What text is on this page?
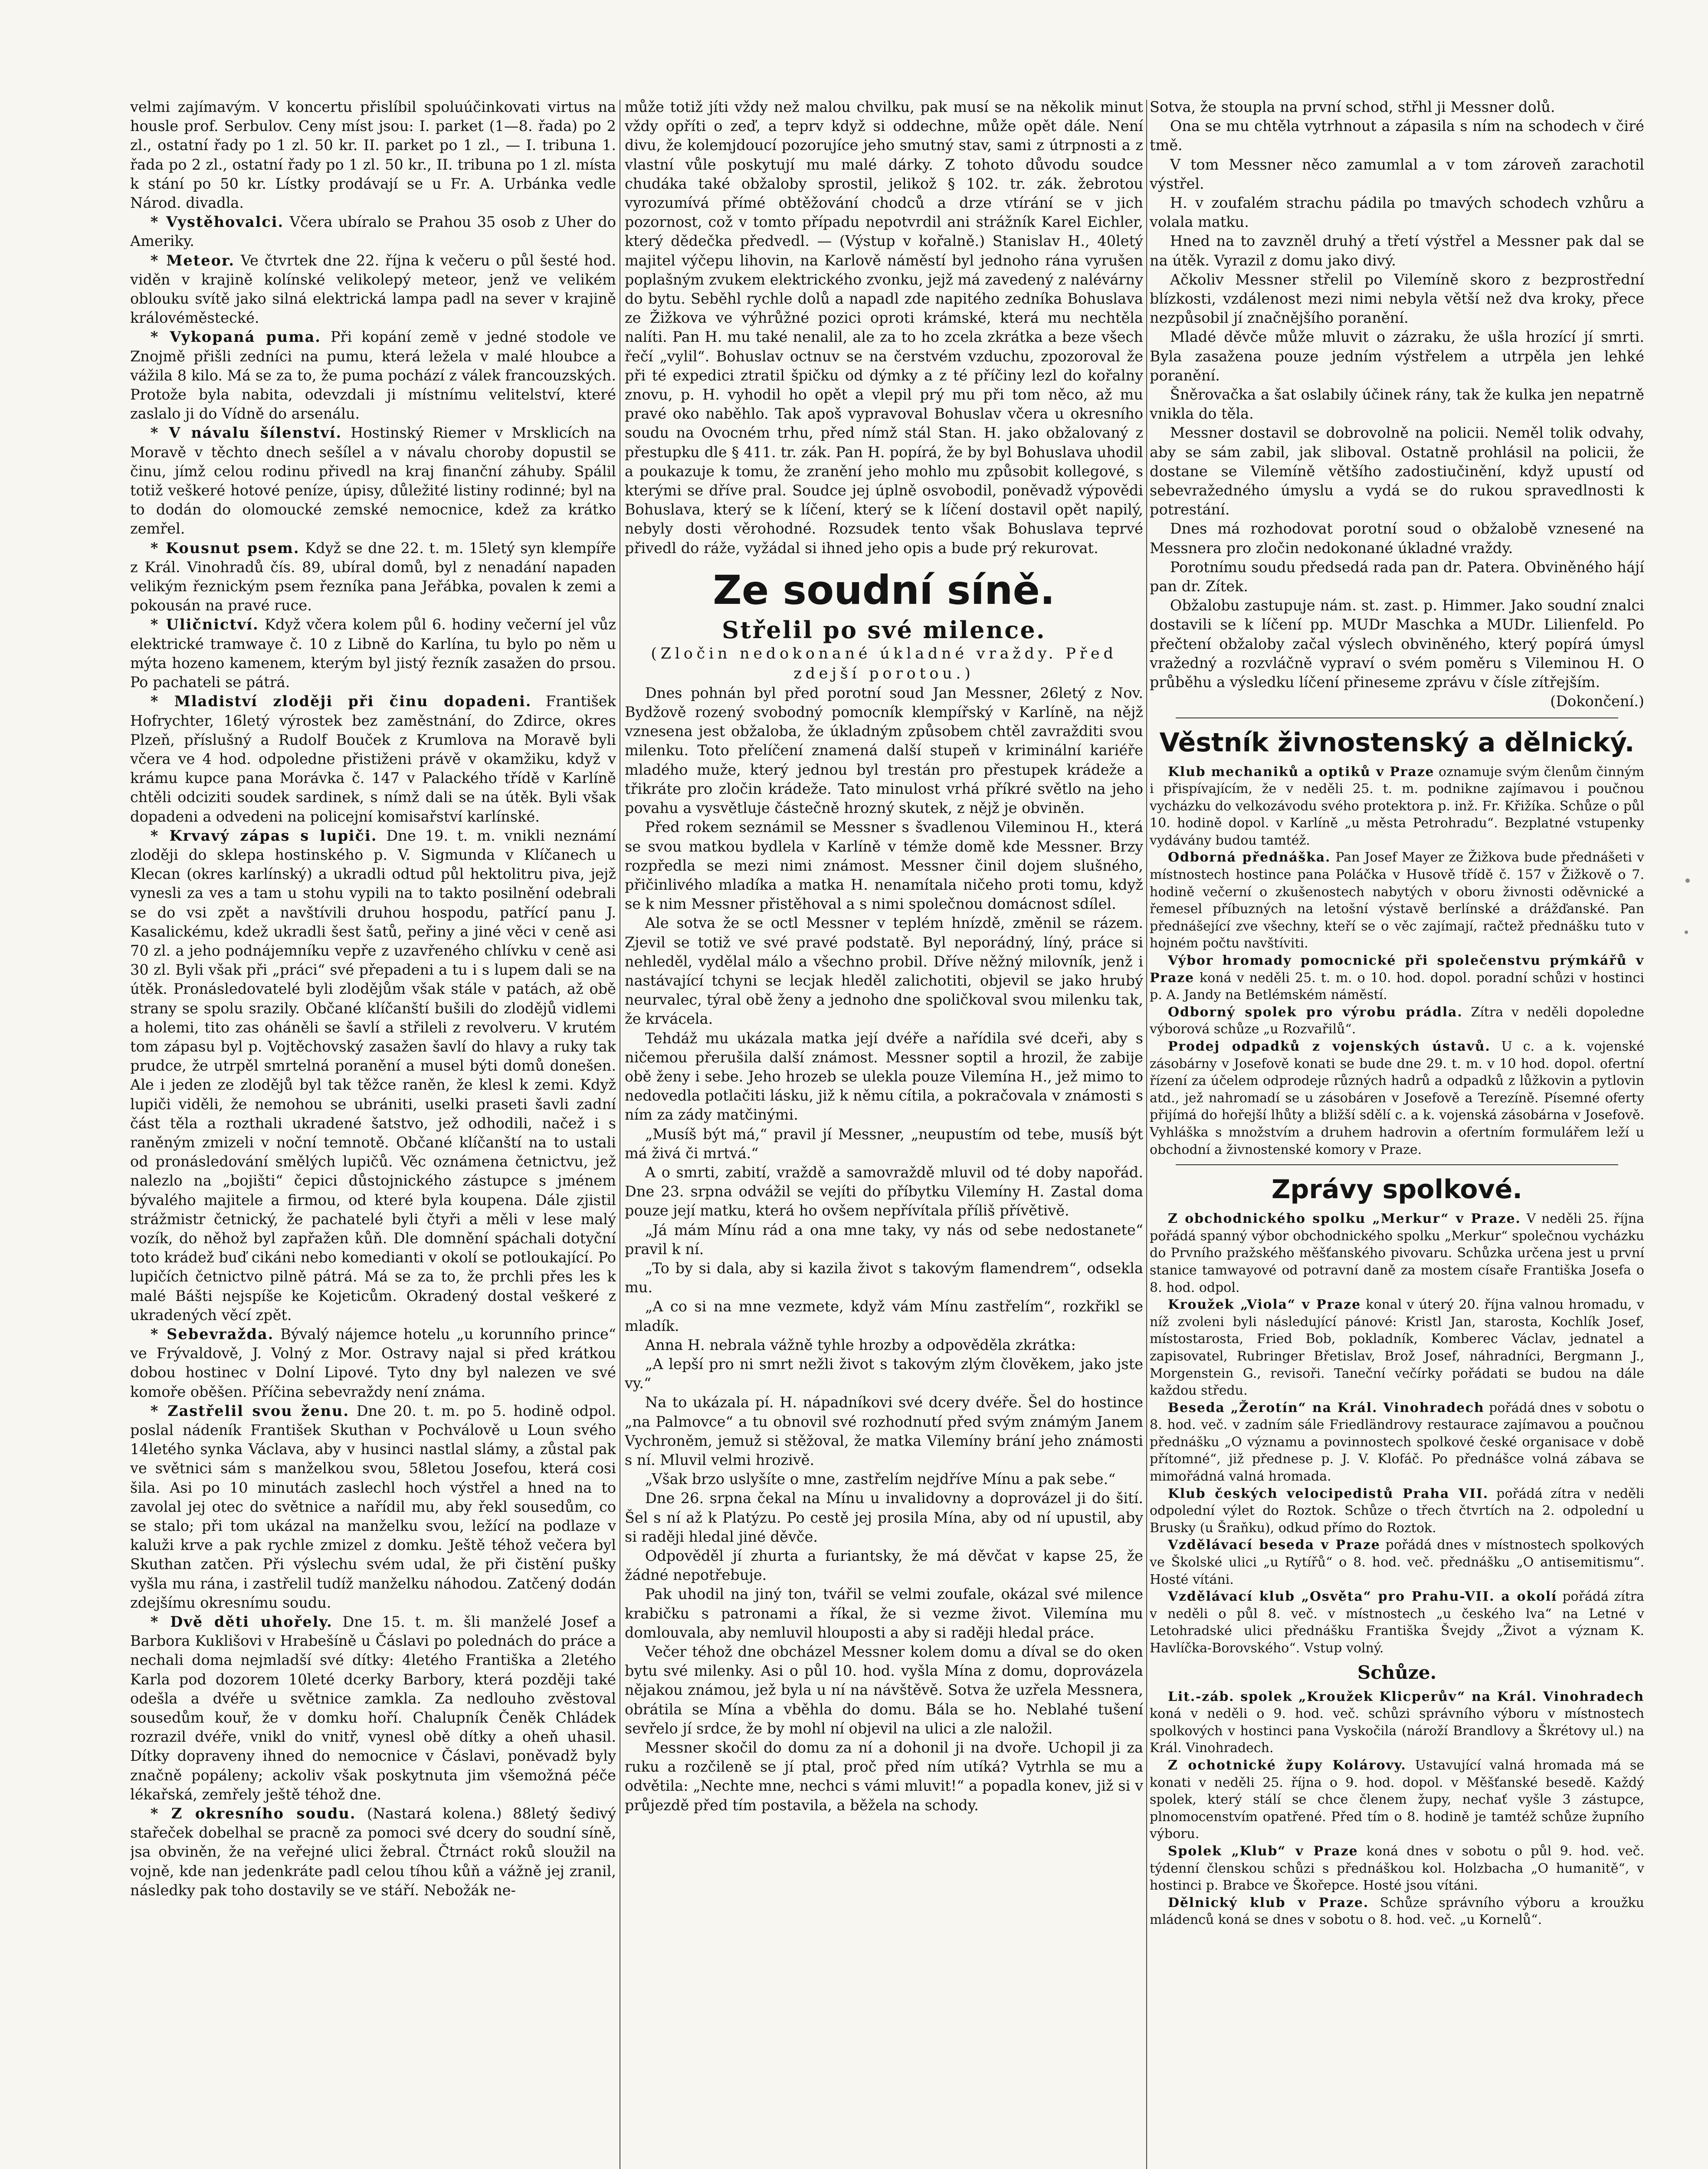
velmi zajímavým. V koncertu přislíbil spoluúčinkovati virtus na housle prof. Serbulov. Ceny míst jsou: I. parket (1—8. řada) po 2 zl., ostatní řady po 1 zl. 50 kr. II. parket po 1 zl., — I. tribuna 1. řada po 2 zl., ostatní řady po 1 zl. 50 kr., II. tribuna po 1 zl. místa k stání po 50 kr. Lístky prodávají se u Fr. A. Urbánka vedle Národ. divadla.

* Vystěhovalci. Včera ubíralo se Prahou 35 osob z Uher do Ameriky.

* Meteor. Ve čtvrtek dne 22. října k večeru o půl šesté hod. viděn v krajině kolínské velikolepý meteor, jenž ve velikém oblouku svítě jako silná elektrická lampa padl na sever v krajině královéměstecké.

* Vykopaná puma. Při kopání země v jedné stodole ve Znojmě přišli zedníci na pumu, která ležela v malé hloubce a vážila 8 kilo. Má se za to, že puma pochází z válek francouzských. Protože byla nabita, odevzdali ji místnímu velitelství, které zaslalo ji do Vídně do arsenálu.

* V návalu šílenství. Hostinský Riemer v Mrsklicích na Moravě v těchto dnech sešílel a v návalu choroby dopustil se činu, jímž celou rodinu přivedl na kraj finanční záhuby. Spálil totiž veškeré hotové peníze, úpisy, důležité listiny rodinné; byl na to dodán do olomoucké zemské nemocnice, kdež za krátko zemřel.

* Kousnut psem. Když se dne 22. t. m. 15letý syn klempíře z Král. Vinohradů čís. 89, ubíral domů, byl z nenadání napaden velikým řeznickým psem řezníka pana Jeřábka, povalen k zemi a pokousán na pravé ruce.

* Uličnictví. Když včera kolem půl 6. hodiny večerní jel vůz elektrické tramwaye č. 10 z Libně do Karlína, tu bylo po něm u mýta hozeno kamenem, kterým byl jistý řezník zasažen do prsou. Po pachateli se pátrá.

* Mladiství zloději při činu dopadeni. František Hofrychter, 16letý výrostek bez zaměstnání, do Zdirce, okres Plzeň, příslušný a Rudolf Bouček z Krumlova na Moravě byli včera ve 4 hod. odpoledne přistiženi právě v okamžiku, když v krámu kupce pana Morávka č. 147 v Palackého třídě v Karlíně chtěli odciziti soudek sardinek, s nímž dali se na útěk. Byli však dopadeni a odvedeni na policejní komisařství karlínské.

* Krvavý zápas s lupiči. Dne 19. t. m. vnikli neznámí zloději do sklepa hostinského p. V. Sigmunda v Klíčanech u Klecan (okres karlínský) a ukradli odtud půl hektolitru piva, jejž vynesli za ves a tam u stohu vypili na to takto posilnění odebrali se do vsi zpět a navštívili druhou hospodu, patřící panu J. Kasalickému, kdež ukradli šest šatů, peřiny a jiné věci v ceně asi 70 zl. a jeho podnájemníku vepře z uzavřeného chlívku v ceně asi 30 zl. Byli však při „práci“ své přepadeni a tu i s lupem dali se na útěk. Pronásledovatelé byli zlodějům však stále v patách, až obě strany se spolu srazily. Občané klíčanští bušili do zlodějů vidlemi a holemi, tito zas oháněli se šavlí a střileli z revolveru. V krutém tom zápasu byl p. Vojtěchovský zasažen šavlí do hlavy a ruky tak prudce, že utrpěl smrtelná poranění a musel býti domů donešen. Ale i jeden ze zlodějů byl tak těžce raněn, že klesl k zemi. Když lupiči viděli, že nemohou se ubrániti, uselki praseti šavli zadní část těla a rozthali ukradené šatstvo, jež odhodili, načež i s raněným zmizeli v noční temnotě. Občané klíčanští na to ustali od pronásledování smělých lupičů. Věc oznámena četnictvu, jež nalezlo na „bojišti“ čepici důstojnického zástupce s jménem bývalého majitele a firmou, od které byla koupena. Dále zjistil strážmistr četnický, že pachatelé byli čtyři a měli v lese malý vozík, do něhož byl zapřažen kůň. Dle domnění spáchali dotyční toto krádež buď cikáni nebo komedianti v okolí se potloukající. Po lupičích četnictvo pilně pátrá. Má se za to, že prchli přes les k malé Bášti nejspíše ke Kojeticům. Okradený dostal veškeré z ukradených věcí zpět.

* Sebevražda. Bývalý nájemce hotelu „u korunního prince“ ve Frývaldově, J. Volný z Mor. Ostravy najal si před krátkou dobou hostinec v Dolní Lipové. Tyto dny byl nalezen ve své komoře oběšen. Příčina sebevraždy není známa.

* Zastřelil svou ženu. Dne 20. t. m. po 5. hodině odpol. poslal nádeník František Skuthan v Pochválově u Loun svého 14letého synka Václava, aby v husinci nastlal slámy, a zůstal pak ve světnici sám s manželkou svou, 58letou Josefou, která cosi šila. Asi po 10 minutách zaslechl hoch výstřel a hned na to zavolal jej otec do světnice a nařídil mu, aby řekl sousedům, co se stalo; při tom ukázal na manželku svou, ležící na podlaze v kaluži krve a pak rychle zmizel z domku. Ještě téhož večera byl Skuthan zatčen. Při výslechu svém udal, že při čistění pušky vyšla mu rána, i zastřelil tudíž manželku náhodou. Zatčený dodán zdejšímu okresnímu soudu.

* Dvě děti uhořely. Dne 15. t. m. šli manželé Josef a Barbora Kuklišovi v Hrabešíně u Čáslavi po polednách do práce a nechali doma nejmladší své dítky: 4letého Františka a 2letého Karla pod dozorem 10leté dcerky Barbory, která později také odešla a dvéře u světnice zamkla. Za nedlouho zvěstoval sousedům kouř, že v domku hoří. Chalupník Čeněk Chládek rozrazil dvéře, vnikl do vnitř, vynesl obě dítky a oheň uhasil. Dítky dopraveny ihned do nemocnice v Čáslavi, poněvadž byly značně popáleny; ackoliv však poskytnuta jim všemožná péče lékařská, zemřely ještě téhož dne.

* Z okresního soudu. (Nastará kolena.) 88letý šedivý stařeček dobelhal se pracně za pomoci své dcery do soudní síně, jsa obviněn, že na veřejné ulici žebral. Čtrnáct roků sloužil na vojně, kde nan jedenkráte padl celou tíhou kůň a vážně jej zranil, následky pak toho dostavily se ve stáří. Nebožák ne-

může totiž jíti vždy než malou chvilku, pak musí se na několik minut vždy opříti o zeď, a teprv když si oddechne, může opět dále. Není divu, že kolemjdoucí pozorujíce jeho smutný stav, sami z útrpnosti a z vlastní vůle poskytují mu malé dárky. Z tohoto důvodu soudce chudáka také obžaloby sprostil, jelikož § 102. tr. zák. žebrotou vyrozumívá přímé obtěžování chodců a drze vtírání se v jich pozornost, což v tomto případu nepotvrdil ani strážník Karel Eichler, který dědečka předvedl. — (Výstup v kořalně.) Stanislav H., 40letý majitel výčepu lihovin, na Karlově náměstí byl jednoho rána vyrušen poplašným zvukem elektrického zvonku, jejž má zavedený z nalévárny do bytu. Seběhl rychle dolů a napadl zde napitého zedníka Bohuslava ze Žižkova ve výhrůžné pozici oproti krámské, která mu nechtěla nalíti. Pan H. mu také nenalil, ale za to ho zcela zkrátka a beze všech řečí „vylil“. Bohuslav octnuv se na čerstvém vzduchu, zpozoroval že při té expedici ztratil špičku od dýmky a z té příčiny lezl do kořalny znovu, p. H. vyhodil ho opět a vlepil prý mu při tom něco, až mu pravé oko naběhlo. Tak apoš vypravoval Bohuslav včera u okresního soudu na Ovocném trhu, před nímž stál Stan. H. jako obžalovaný z přestupku dle § 411. tr. zák. Pan H. popírá, že by byl Bohuslava uhodil a poukazuje k tomu, že zranění jeho mohlo mu způsobit kollegové, s kterými se dříve pral. Soudce jej úplně osvobodil, poněvadž výpovědi Bohuslava, který se k líčení, který se k líčení dostavil opět napilý, nebyly dosti věrohodné. Rozsudek tento však Bohuslava teprvé přivedl do ráže, vyžádal si ihned jeho opis a bude prý rekurovat.

Ze soudní síně.
Střelil po své milence.
(Zločin nedokonané úkladné vraždy. Před zdejší porotou.)

Dnes pohnán byl před porotní soud Jan Messner, 26letý z Nov. Bydžově rozený svobodný pomocník klempířský v Karlíně, na nějž vznesena jest obžaloba, že úkladným způsobem chtěl zavražditi svou milenku. Toto přelíčení znamená další stupeň v kriminální kariéře mladého muže, který jednou byl trestán pro přestupek krádeže a třikráte pro zločin krádeže. Tato minulost vrhá příkré světlo na jeho povahu a vysvětluje částečně hrozný skutek, z nějž je obviněn.

Před rokem seznámil se Messner s švadlenou Vileminou H., která se svou matkou bydlela v Karlíně v témže domě kde Messner. Brzy rozpředla se mezi nimi známost. Messner činil dojem slušného, přičinlivého mladíka a matka H. nenamítala ničeho proti tomu, když se k nim Messner přistěhoval a s nimi společnou domácnost sdílel.

Ale sotva že se octl Messner v teplém hnízdě, změnil se rázem. Zjevil se totiž ve své pravé podstatě. Byl neporádný, líný, práce si nehleděl, vydělal málo a všechno probil. Dříve něžný milovník, jenž i nastávající tchyni se lecjak hleděl zalichotiti, objevil se jako hrubý neurvalec, týral obě ženy a jednoho dne spoličkoval svou milenku tak, že krvácela.

Tehdáž mu ukázala matka její dvéře a nařídila své dceři, aby s ničemou přerušila další známost. Messner soptil a hrozil, že zabije obě ženy i sebe. Jeho hrozeb se ulekla pouze Vilemína H., jež mimo to nedovedla potlačiti lásku, již k němu cítila, a pokračovala v známosti s ním za zády matčinými.

„Musíš být má,“ pravil jí Messner, „neupustím od tebe, musíš být má živá či mrtvá.“

A o smrti, zabití, vraždě a samovraždě mluvil od té doby napořád. Dne 23. srpna odvážil se vejíti do příbytku Vilemíny H. Zastal doma pouze její matku, která ho ovšem nepřívítala příliš přívětivě.

„Já mám Mínu rád a ona mne taky, vy nás od sebe nedostanete“ pravil k ní.

„To by si dala, aby si kazila život s takovým flamendrem“, odsekla mu.

„A co si na mne vezmete, když vám Mínu zastřelím“, rozkřikl se mladík.

Anna H. nebrala vážně tyhle hrozby a odpověděla zkrátka:

„A lepší pro ni smrt nežli život s takovým zlým člověkem, jako jste vy.“

Na to ukázala pí. H. nápadníkovi své dcery dvéře. Šel do hostince „na Palmovce“ a tu obnovil své rozhodnutí před svým známým Janem Vychroněm, jemuž si stěžoval, že matka Vilemíny brání jeho známosti s ní. Mluvil velmi hrozivě.

„Však brzo uslyšíte o mne, zastřelím nejdříve Mínu a pak sebe.“

Dne 26. srpna čekal na Mínu u invalidovny a doprovázel ji do šití. Šel s ní až k Platýzu. Po cestě jej prosila Mína, aby od ní upustil, aby si raději hledal jiné děvče.

Odpověděl jí zhurta a furiantsky, že má děvčat v kapse 25, že žádné nepotřebuje.

Pak uhodil na jiný ton, tvářil se velmi zoufale, okázal své milence krabičku s patronami a říkal, že si vezme život. Vilemína mu domlouvala, aby nemluvil hlouposti a aby si raději hledal práce.

Večer téhož dne obcházel Messner kolem domu a díval se do oken bytu své milenky. Asi o půl 10. hod. vyšla Mína z domu, doprovázela nějakou známou, jež byla u ní na návštěvě. Sotva že uzřela Messnera, obrátila se Mína a vběhla do domu. Bála se ho. Neblahé tušení sevřelo jí srdce, že by mohl ní objevil na ulici a zle naložil.

Messner skočil do domu za ní a dohonil ji na dvoře. Uchopil ji za ruku a rozčileně se jí ptal, proč před ním utíká? Vytrhla se mu a odvětila: „Nechte mne, nechci s vámi mluvit!“ a popadla konev, již si v průjezdě před tím postavila, a běžela na schody.

Sotva, že stoupla na první schod, střhl ji Messner dolů.

Ona se mu chtěla vytrhnout a zápasila s ním na schodech v čiré tmě.

V tom Messner něco zamumlal a v tom zároveň zarachotil výstřel.

H. v zoufalém strachu pádila po tmavých schodech vzhůru a volala matku.

Hned na to zavzněl druhý a třetí výstřel a Messner pak dal se na útěk. Vyrazil z domu jako divý.

Ačkoliv Messner střelil po Vilemíně skoro z bezprostřední blízkosti, vzdálenost mezi nimi nebyla větší než dva kroky, přece nezpůsobil jí značnějšího poranění.

Mladé děvče může mluvit o zázraku, že ušla hrozící jí smrti. Byla zasažena pouze jedním výstřelem a utrpěla jen lehké poranění.

Šněrovačka a šat oslabily účinek rány, tak že kulka jen nepatrně vnikla do těla.

Messner dostavil se dobrovolně na policii. Neměl tolik odvahy, aby se sám zabil, jak sliboval. Ostatně prohlásil na policii, že dostane se Vilemíně většího zadostiučinění, když upustí od sebevražedného úmyslu a vydá se do rukou spravedlnosti k potrestání.

Dnes má rozhodovat porotní soud o obžalobě vznesené na Messnera pro zločin nedokonané úkladné vraždy.

Porotnímu soudu předsedá rada pan dr. Patera. Obviněného hájí pan dr. Zítek.

Obžalobu zastupuje nám. st. zast. p. Himmer. Jako soudní znalci dostavili se k líčení pp. MUDr Maschka a MUDr. Lilienfeld. Po přečtení obžaloby začal výslech obviněného, který popírá úmysl vražedný a rozvláčně vypraví o svém poměru s Vileminou H. O průběhu a výsledku líčení přineseme zprávu v čísle zítřejším.

(Dokončení.)

Věstník živnostenský a dělnický.

Klub mechaniků a optiků v Praze oznamuje svým členům činným i přispívajícím, že v neděli 25. t. m. podnikne zajímavou i poučnou vycházku do velkozávodu svého protektora p. inž. Fr. Křižíka. Schůze o půl 10. hodině dopol. v Karlíně „u města Petrohradu“. Bezplatné vstupenky vydávány budou tamtéž.

Odborná přednáška. Pan Josef Mayer ze Žižkova bude přednášeti v místnostech hostince pana Poláčka v Husově třídě č. 157 v Žižkově o 7. hodině večerní o zkušenostech nabytých v oboru živnosti oděvnické a řemesel příbuzných na letošní výstavě berlínské a drážďanské. Pan přednášející zve všechny, kteří se o věc zajímají, račtež přednášku tuto v hojném počtu navštíviti.

Výbor hromady pomocnické při společenstvu prýmkářů v Praze koná v neděli 25. t. m. o 10. hod. dopol. poradní schůzi v hostinci p. A. Jandy na Betlémském náměstí.

Odborný spolek pro výrobu prádla. Zítra v neděli dopoledne výborová schůze „u Rozvařilů“.

Prodej odpadků z vojenských ústavů. U c. a k. vojenské zásobárny v Josefově konati se bude dne 29. t. m. v 10 hod. dopol. ofertní řízení za účelem odprodeje různých hadrů a odpadků z lůžkovin a pytlovin atd., jež nahromadí se u zásobáren v Josefově a Terezíně. Písemné oferty přijímá do hořejší lhůty a bližší sdělí c. a k. vojenská zásobárna v Josefově. Vyhláška s množstvím a druhem hadrovin a ofertním formulářem leží u obchodní a živnostenské komory v Praze.

Zprávy spolkové.

Z obchodnického spolku „Merkur“ v Praze. V neděli 25. října pořádá spanný výbor obchodnického spolku „Merkur“ společnou vycházku do Prvního pražského měšťanského pivovaru. Schůzka určena jest u první stanice tamwayové od potravní daně za mostem císaře Františka Josefa o 8. hod. odpol.

Kroužek „Viola“ v Praze konal v úterý 20. října valnou hromadu, v níž zvoleni byli následující pánové: Kristl Jan, starosta, Kochlík Josef, místostarosta, Fried Bob, pokladník, Komberec Václav, jednatel a zapisovatel, Rubringer Břetislav, Brož Josef, náhradníci, Bergmann J., Morgenstein G., revisoři. Taneční večírky pořádati se budou na dále každou středu.

Beseda „Žerotín“ na Král. Vinohradech pořádá dnes v sobotu o 8. hod. več. v zadním sále Friedländrovy restaurace zajímavou a poučnou přednášku „O významu a povinnostech spolkové české organisace v době přítomné“, již přednese p. J. V. Klofáč. Po přednášce volná zábava se mimořádná valná hromada.

Klub českých velocipedistů Praha VII. pořádá zítra v neděli odpolední výlet do Roztok. Schůze o třech čtvrtích na 2. odpolední u Brusky (u Šraňku), odkud přímo do Roztok.

Vzdělávací beseda v Praze pořádá dnes v místnostech spolkových ve Školské ulici „u Rytířů“ o 8. hod. več. přednášku „O antisemitismu“. Hosté vítáni.

Vzdělávací klub „Osvěta“ pro Prahu-VII. a okolí pořádá zítra v neděli o půl 8. več. v místnostech „u českého lva“ na Letné v Letohradské ulici přednášku Františka Švejdy „Život a význam K. Havlíčka-Borovského“. Vstup volný.

Schůze.

Lit.-záb. spolek „Kroužek Klicperův“ na Král. Vinohradech koná v neděli o 9. hod. več. schůzi správního výboru v místnostech spolkových v hostinci pana Vyskočila (nároží Brandlovy a Škrétovy ul.) na Král. Vinohradech.

Z ochotnické župy Kolárovy. Ustavující valná hromada má se konati v neděli 25. října o 9. hod. dopol. v Měšťanské besedě. Každý spolek, který stálí se chce členem župy, nechať vyšle 3 zástupce, plnomocenstvím opatřené. Před tím o 8. hodině je tamtéž schůze župního výboru.

Spolek „Klub“ v Praze koná dnes v sobotu o půl 9. hod. več. týdenní členskou schůzi s přednáškou kol. Holzbacha „O humanitě“, v hostinci p. Brabce ve Škořepce. Hosté jsou vítáni.

Dělnický klub v Praze. Schůze správního výboru a kroužku mládenců koná se dnes v sobotu o 8. hod. več. „u Kornelů“.
